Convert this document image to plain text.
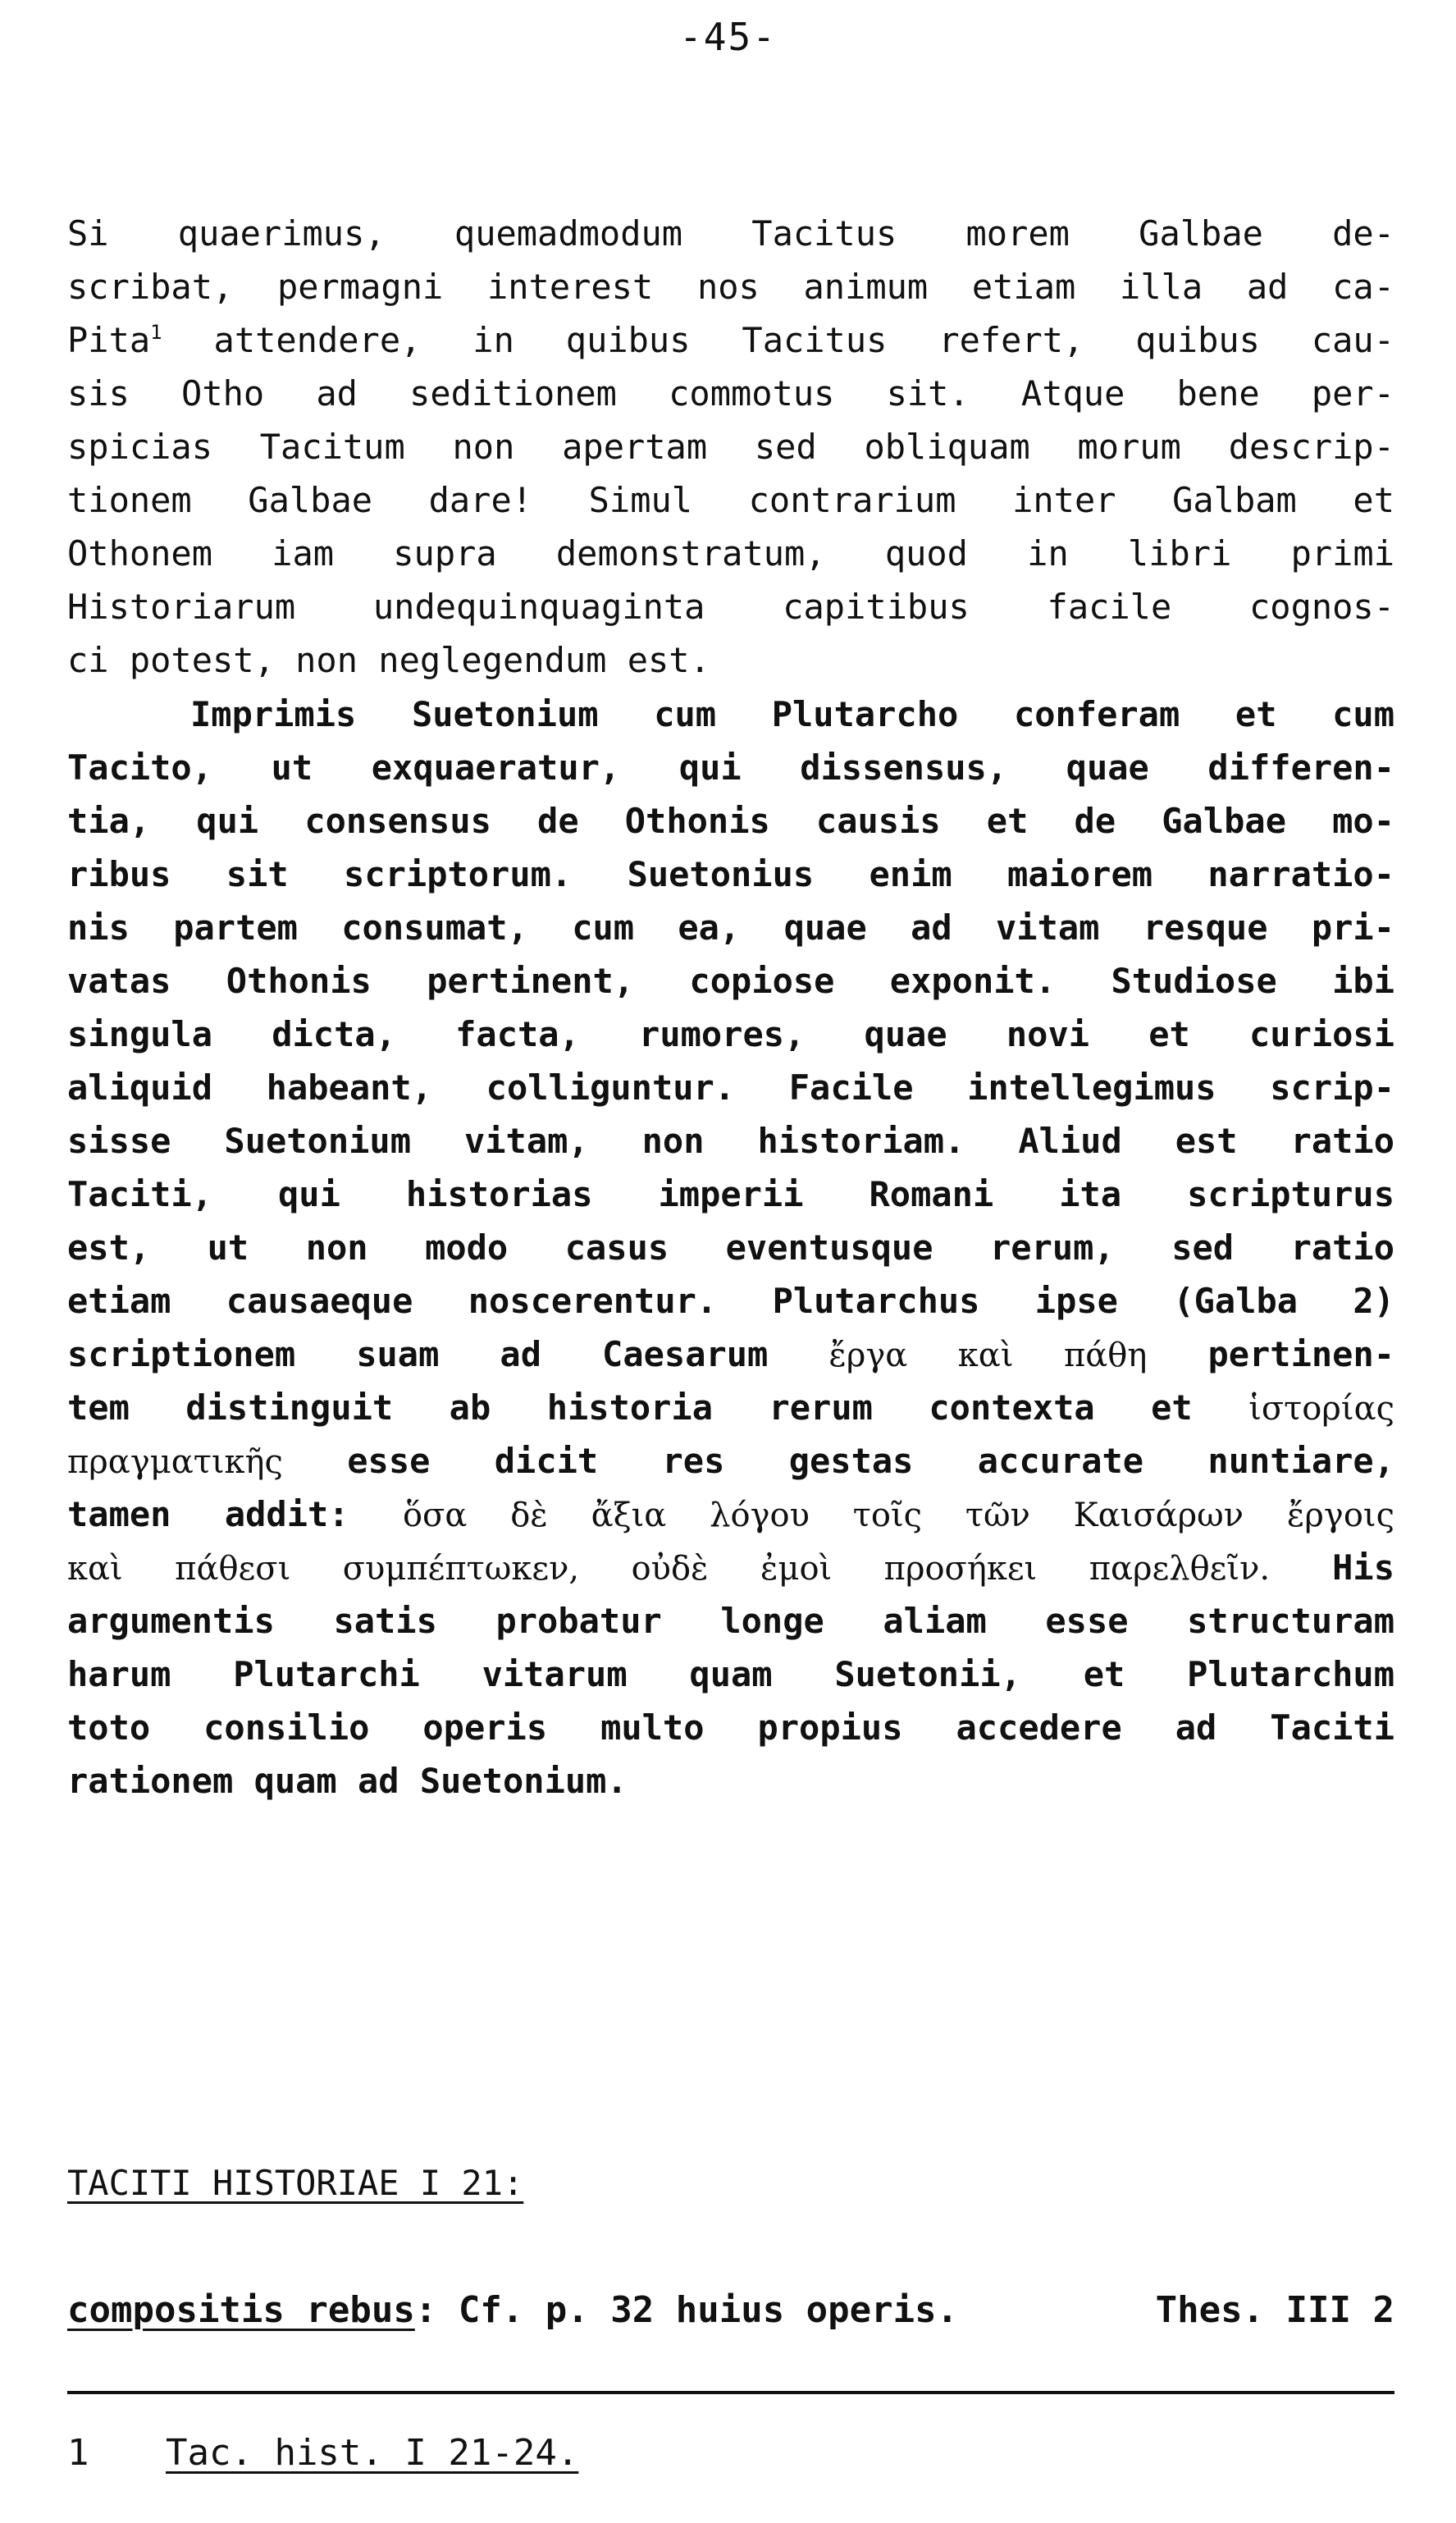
-45-
Si quaerimus, quemadmodum Tacitus morem Galbae de-
scribat, permagni interest nos animum etiam illa ad ca-
Pita$^1$ attendere, in quibus Tacitus refert, quibus cau-
sis Otho ad seditionem commotus sit. Atque bene per-
spicias Tacitum non apertam sed obliquam morum descrip-
tionem Galbae dare! Simul contrarium inter Galbam et
Othonem iam supra demonstratum, quod in libri primi
Historiarum undequinquaginta capitibus facile cognos-
ci potest, non neglegendum est.
Imprimis Suetonium cum Plutarcho conferam et cum
Tacito, ut exquaeratur, qui dissensus, quae differen-
tia, qui consensus de Othonis causis et de Galbae mo-
ribus sit scriptorum. Suetonius enim maiorem narratio-
nis partem consumat, cum ea, quae ad vitam resque pri-
vatas Othonis pertinent, copiose exponit. Studiose ibi
singula dicta, facta, rumores, quae novi et curiosi
aliquid habeant, colliguntur. Facile intellegimus scrip-
sisse Suetonium vitam, non historiam. Aliud est ratio
Taciti, qui historias imperii Romani ita scripturus
est, ut non modo casus eventusque rerum, sed ratio
etiam causaeque noscerentur. Plutarchus ipse (Galba 2)
scriptionem suam ad Caesarum ἔργα καὶ πάθη pertinen-
tem distinguit ab historia rerum contexta et ἱστορίας
πραγματικῆς esse dicit res gestas accurate nuntiare,
tamen addit: ὅσα δὲ ἄξια λόγου τοῖς τῶν Καισάρων ἔργοις
καὶ πάθεσι συμπέπτωκεν, οὐδὲ ἐμοὶ προσήκει παρελθεῖν. His
argumentis satis probatur longe aliam esse structuram
harum Plutarchi vitarum quam Suetonii, et Plutarchum
toto consilio operis multo propius accedere ad Taciti
rationem quam ad Suetonium.
TACITI HISTORIAE I 21:
compositis rebus: Cf. p. 32 huius operis.	Thes. III 2
1 Tac. hist. I 21-24.
